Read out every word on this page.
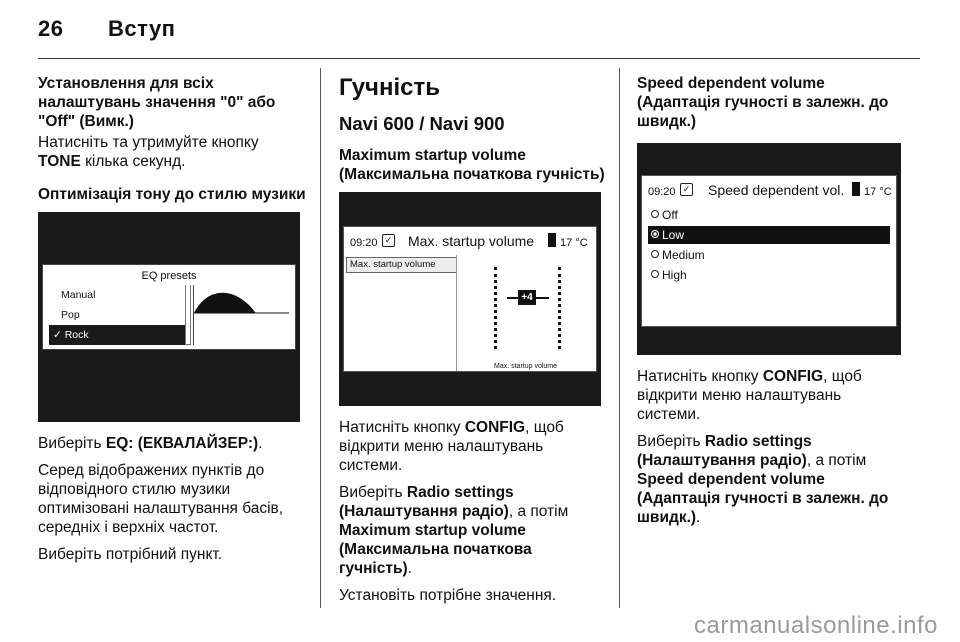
26 Вступ

Установлення для всіх налаштувань значення "0" або "Off" (Вимк.)

Натисніть та утримуйте кнопку
TONE кілька секунд.

Оптимізація тону до стилю музики

EQ presets
Manual
Pop
✓ Rock

Виберіть EQ: (ЕКВАЛАЙЗЕР:).

Серед відображених пунктів до відповідного стилю музики оптимізовані налаштування басів, середніх і верхніх частот.

Виберіть потрібний пункт.

Гучність
Navi 600 / Navi 900

Maximum startup volume (Максимальна початкова гучність)

09:20 ✓ Max. startup volume 17 °C
Max. startup volume
+4
Max. startup volume

Натисніть кнопку CONFIG, щоб відкрити меню налаштувань системи.

Виберіть Radio settings (Налаштування радіо), а потім Maximum startup volume (Максимальна початкова гучність).

Установіть потрібне значення.

Speed dependent volume (Адаптація гучності в залежн. до швидк.)

09:20 ✓ Speed dependent vol. 17 °C
Off
Low
Medium
High

Натисніть кнопку CONFIG, щоб відкрити меню налаштувань системи.

Виберіть Radio settings (Налаштування радіо), а потім Speed dependent volume (Адаптація гучності в залежн. до швидк.).

carmanualsonline.info
